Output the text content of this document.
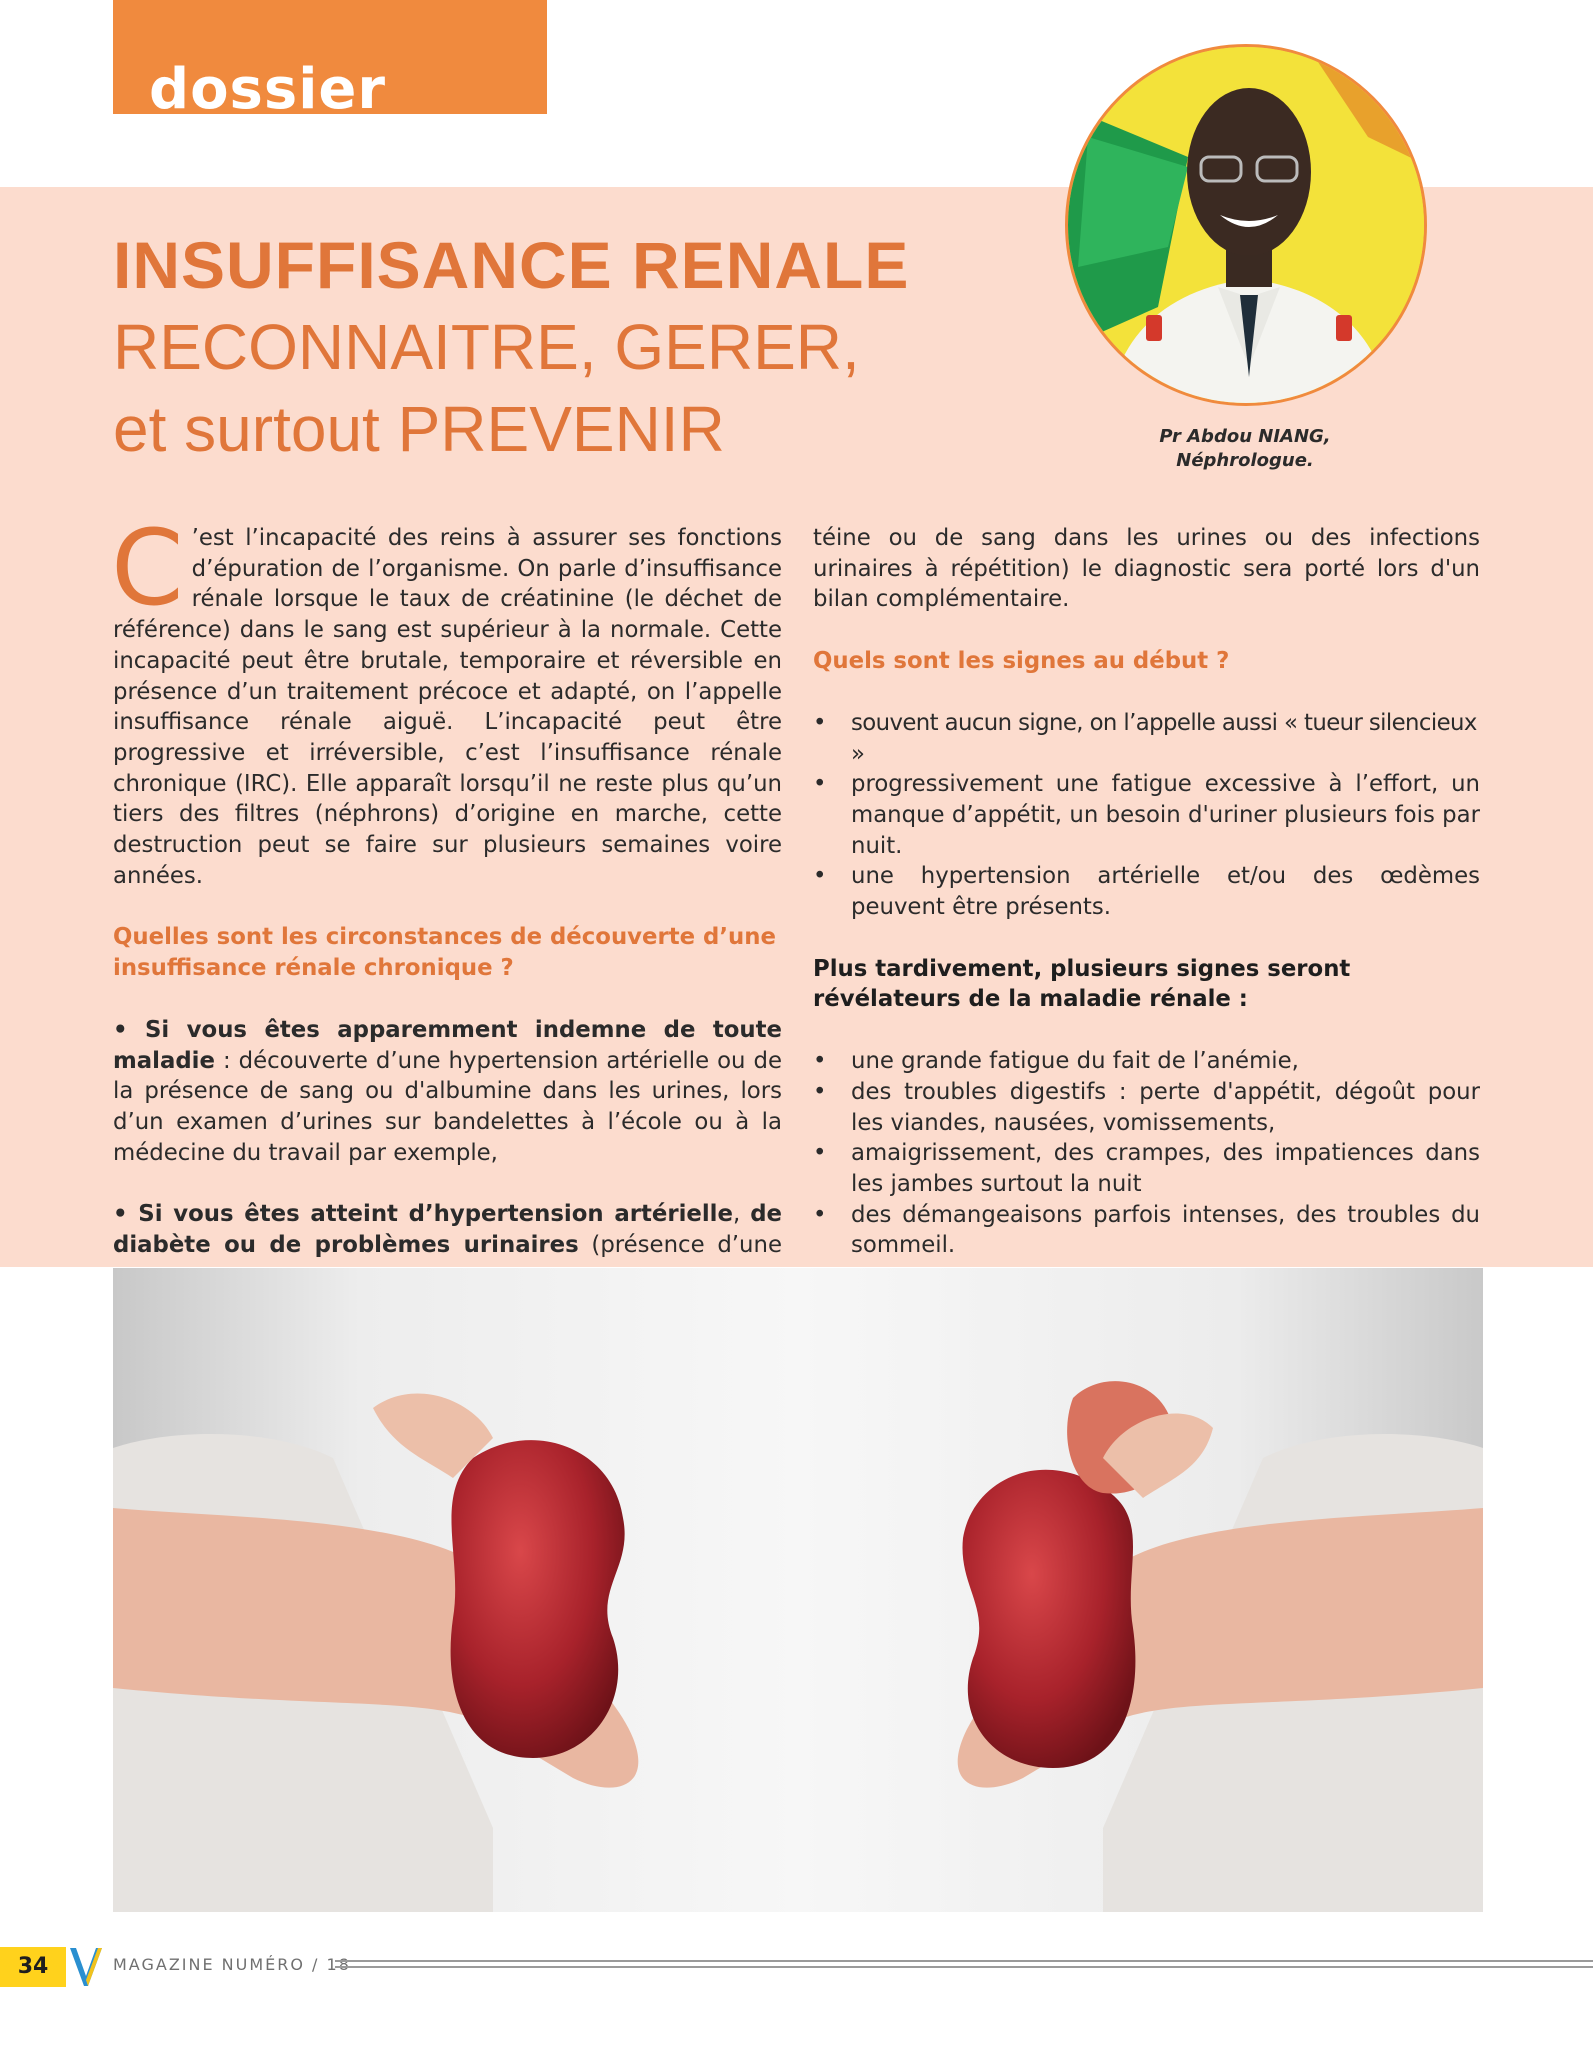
dossier
INSUFFISANCE RENALE
RECONNAITRE, GERER,
et surtout PREVENIR	Pr Abdou NIANG,
Néphrologue.
C ’est l’incapacité des reins à assurer ses fonctions d’épuration de l’organisme. On parle d’insuffisance rénale lorsque le taux de créatinine (le déchet de référence) dans le sang est supérieur à la normale. Cette incapacité peut être brutale, temporaire et réversible en présence d’un traitement précoce et adapté, on l’appelle insuffisance rénale aiguë. L’incapacité peut être progressive et irréversible, c’est l’insuffisance rénale chronique (IRC). Elle apparaît lorsqu’il ne reste plus qu’un tiers des filtres (néphrons) d’origine en marche, cette destruction peut se faire sur plusieurs semaines voire années.
Quelles sont les circonstances de découverte d’une insuffisance rénale chronique ?
• Si vous êtes apparemment indemne de toute maladie : découverte d’une hypertension artérielle ou de la présence de sang ou d'albumine dans les urines, lors d’un examen d’urines sur bandelettes à l’école ou à la médecine du travail par exemple,
• Si vous êtes atteint d’hypertension artérielle, de diabète ou de problèmes urinaires (présence d’une
téine ou de sang dans les urines ou des infections urinaires à répétition) le diagnostic sera porté lors d'un bilan complémentaire.
Quels sont les signes au début ?
• souvent aucun signe, on l’appelle aussi « tueur silencieux »
• progressivement une fatigue excessive à l’effort, un manque d’appétit, un besoin d'uriner plusieurs fois par nuit.
• une hypertension artérielle et/ou des œdèmes peuvent être présents.
Plus tardivement, plusieurs signes seront révélateurs de la maladie rénale :
• une grande fatigue du fait de l’anémie,
• des troubles digestifs : perte d'appétit, dégoût pour les viandes, nausées, vomissements,
• amaigrissement, des crampes, des impatiences dans les jambes surtout la nuit
• des démangeaisons parfois intenses, des troubles du sommeil.
34	MAGAZINE NUMÉRO / 18
